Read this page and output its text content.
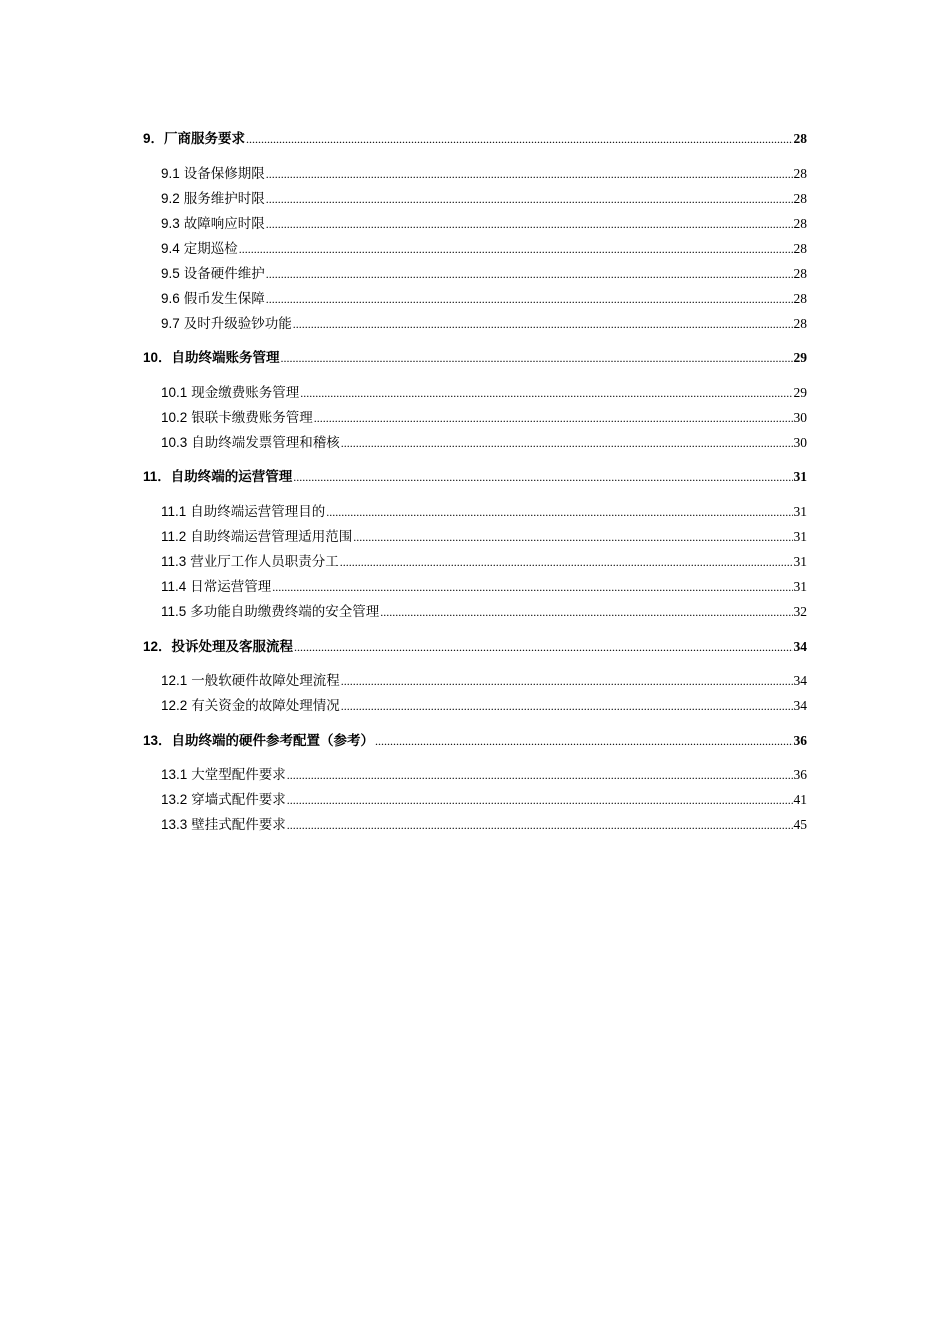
9． 厂商服务要求 .....	28
9.1 设备保修期限 .....	28
9.2 服务维护时限 .....	28
9.3 故障响应时限 .....	28
9.4 定期巡检 .....	28
9.5 设备硬件维护 .....	28
9.6 假币发生保障 .....	28
9.7 及时升级验钞功能 .....	28
10． 自助终端账务管理 .....	29
10.1 现金缴费账务管理 .....	29
10.2 银联卡缴费账务管理 .....	30
10.3 自助终端发票管理和稽核 .....	30
11． 自助终端的运营管理 .....	31
11.1 自助终端运营管理目的 .....	31
11.2 自助终端运营管理适用范围 .....	31
11.3 营业厅工作人员职责分工 .....	31
11.4 日常运营管理 .....	31
11.5 多功能自助缴费终端的安全管理 .....	32
12． 投诉处理及客服流程 .....	34
12.1 一般软硬件故障处理流程 .....	34
12.2 有关资金的故障处理情况 .....	34
13． 自助终端的硬件参考配置（参考） .....	36
13.1 大堂型配件要求 .....	36
13.2 穿墙式配件要求 .....	41
13.3 壁挂式配件要求 .....	45
